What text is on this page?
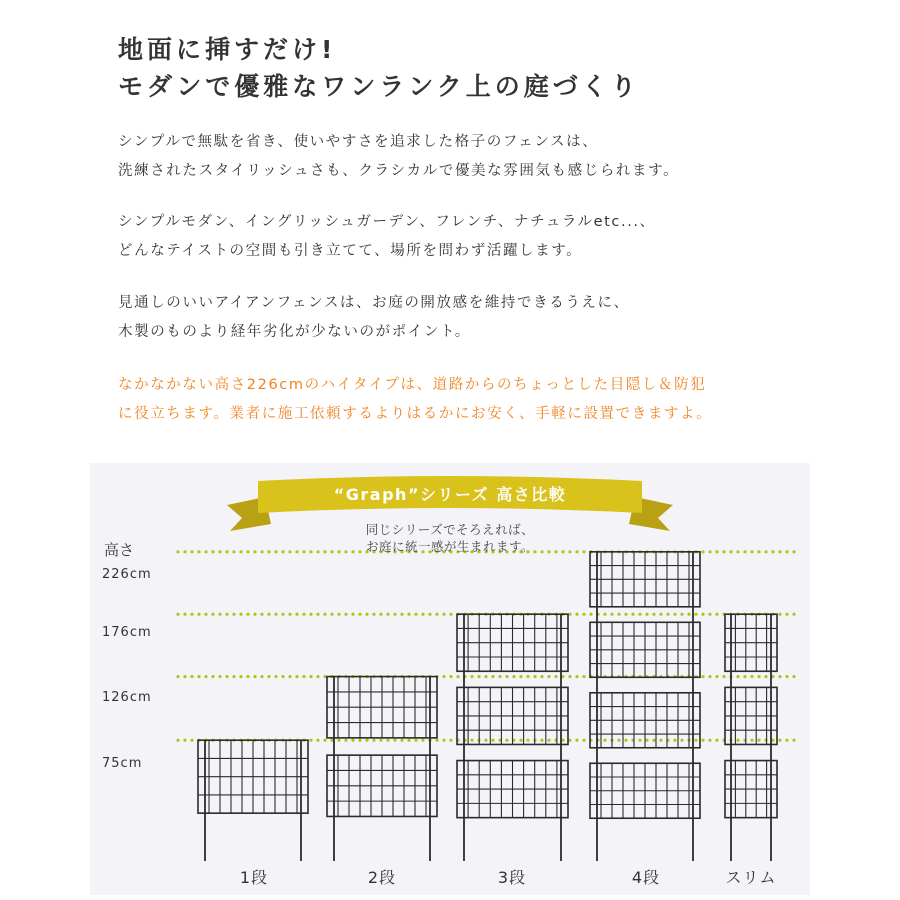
地面に挿すだけ!
モダンで優雅なワンランク上の庭づくり
シンプルで無駄を省き、使いやすさを追求した格子のフェンスは、
洗練されたスタイリッシュさも、クラシカルで優美な雰囲気も感じられます。
シンプルモダン、イングリッシュガーデン、フレンチ、ナチュラルetc...、
どんなテイストの空間も引き立てて、場所を問わず活躍します。
見通しのいいアイアンフェンスは、お庭の開放感を維持できるうえに、
木製のものより経年劣化が少ないのがポイント。
なかなかない高さ226cmのハイタイプは、道路からのちょっとした目隠し＆防犯
に役立ちます。業者に施工依頼するよりはるかにお安く、手軽に設置できますよ。
“Graph”シリーズ 高さ比較
同じシリーズでそろえれば、
お庭に統一感が生まれます。
高さ
226cm
176cm
126cm
75cm
1段	2段	3段	4段	スリム
